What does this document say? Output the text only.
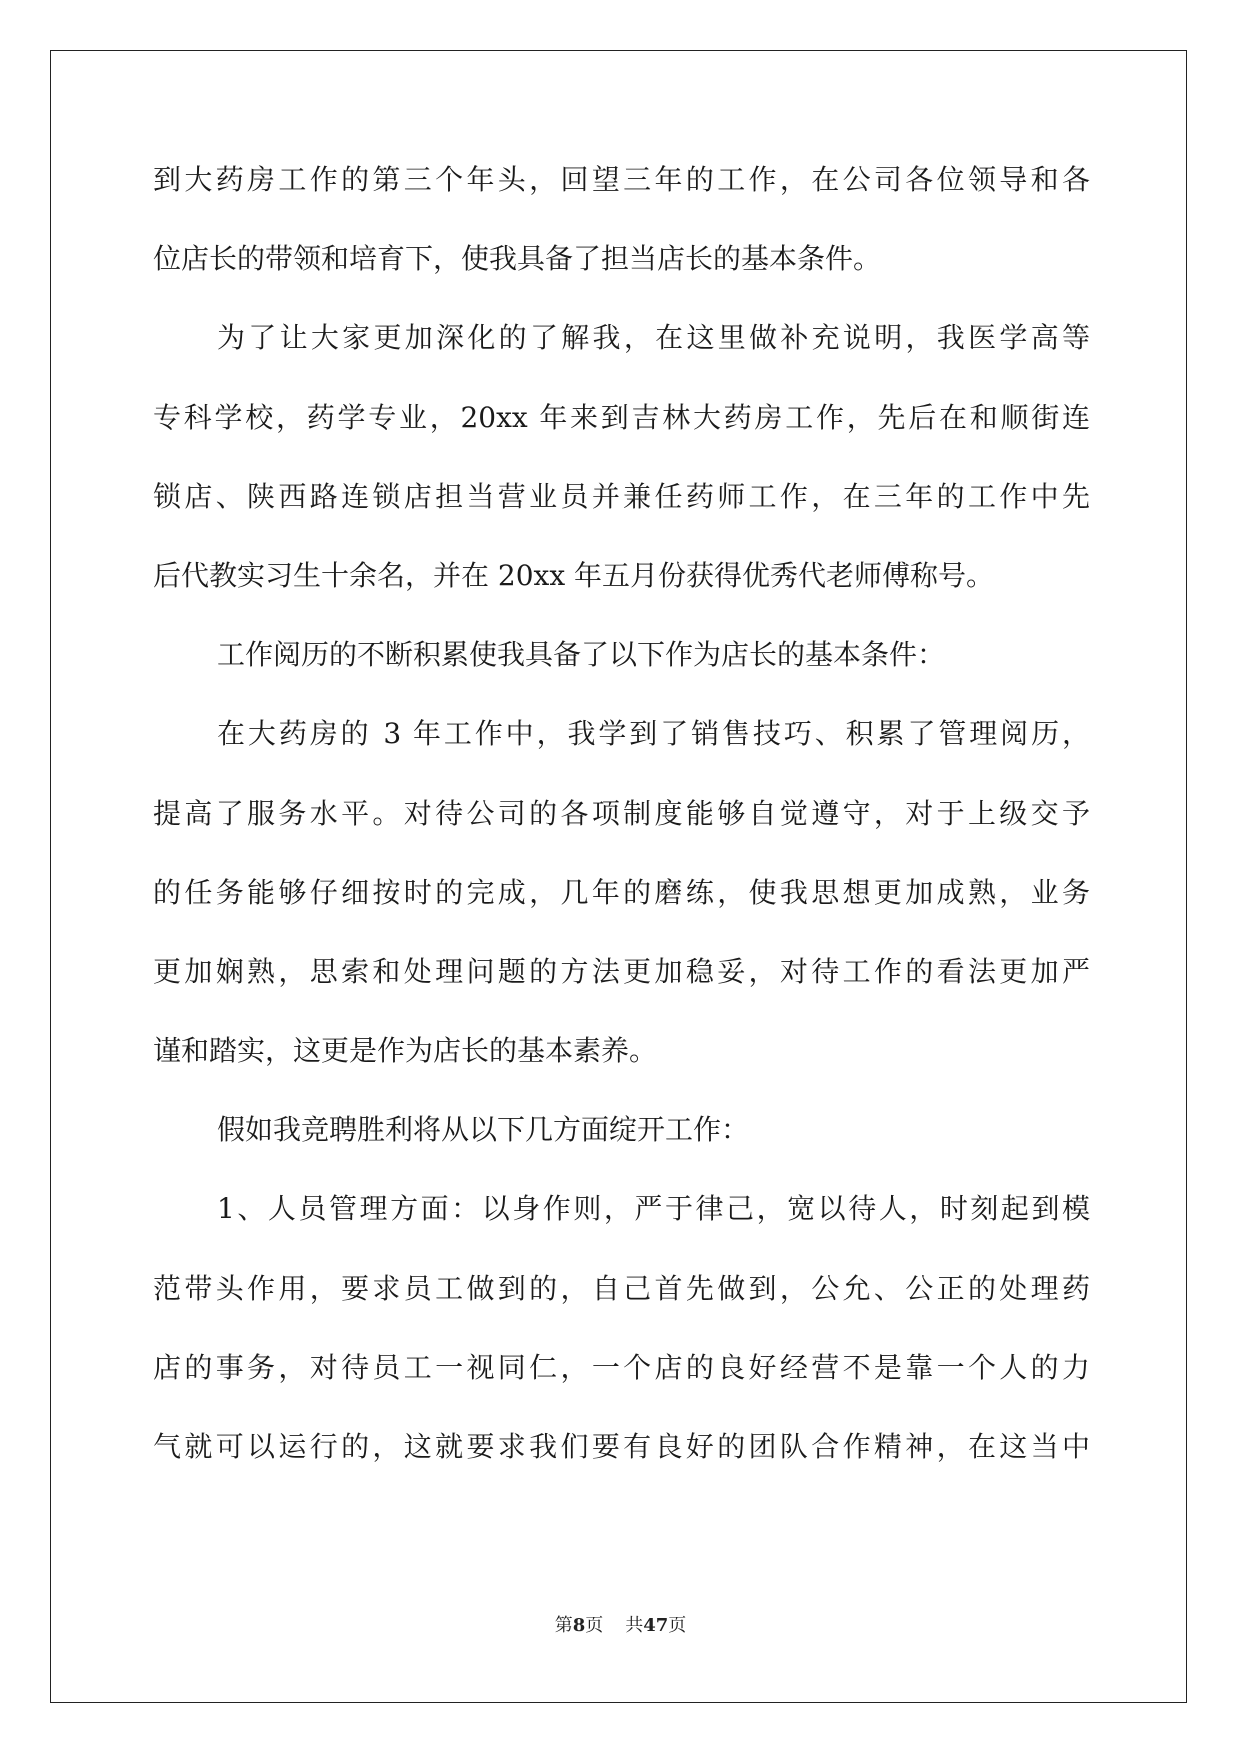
到大药房工作的第三个年头，回望三年的工作，在公司各位领导和各
位店长的带领和培育下，使我具备了担当店长的基本条件。
为了让大家更加深化的了解我，在这里做补充说明，我医学高等
专科学校，药学专业，20xx 年来到吉林大药房工作，先后在和顺街连
锁店、陕西路连锁店担当营业员并兼任药师工作，在三年的工作中先
后代教实习生十余名，并在 20xx 年五月份获得优秀代老师傅称号。
工作阅历的不断积累使我具备了以下作为店长的基本条件：
在大药房的 3 年工作中，我学到了销售技巧、积累了管理阅历，
提高了服务水平。对待公司的各项制度能够自觉遵守，对于上级交予
的任务能够仔细按时的完成，几年的磨练，使我思想更加成熟，业务
更加娴熟，思索和处理问题的方法更加稳妥，对待工作的看法更加严
谨和踏实，这更是作为店长的基本素养。
假如我竞聘胜利将从以下几方面绽开工作：
1、人员管理方面：以身作则，严于律己，宽以待人，时刻起到模
范带头作用，要求员工做到的，自己首先做到，公允、公正的处理药
店的事务，对待员工一视同仁，一个店的良好经营不是靠一个人的力
气就可以运行的，这就要求我们要有良好的团队合作精神，在这当中
第8页 共47页
